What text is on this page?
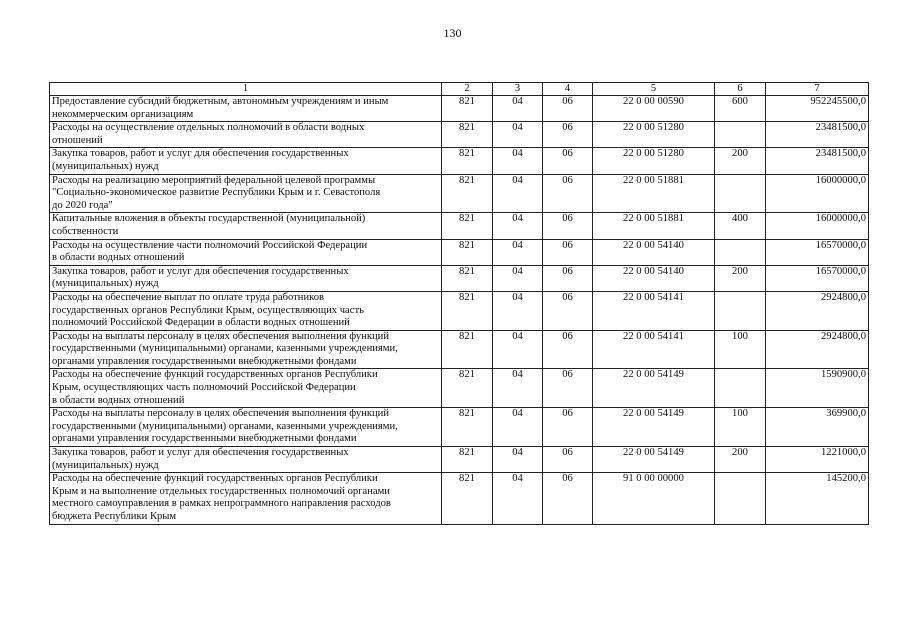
130
1	2	3	4	5	6	7
Предоставление субсидий бюджетным, автономным учреждениям и иным
некоммерческим организациям	821	04	06	22 0 00 00590	600	952245500,0
Расходы на осуществление отдельных полномочий в области водных
отношений	821	04	06	22 0 00 51280		23481500,0
Закупка товаров, работ и услуг для обеспечения государственных
(муниципальных) нужд	821	04	06	22 0 00 51280	200	23481500,0
Расходы на реализацию мероприятий федеральной целевой программы
"Социально-экономическое развитие Республики Крым и г. Севастополя
до 2020 года"	821	04	06	22 0 00 51881		16000000,0
Капитальные вложения в объекты государственной (муниципальной)
собственности	821	04	06	22 0 00 51881	400	16000000,0
Расходы на осуществление части полномочий Российской Федерации
в области водных отношений	821	04	06	22 0 00 54140		16570000,0
Закупка товаров, работ и услуг для обеспечения государственных
(муниципальных) нужд	821	04	06	22 0 00 54140	200	16570000,0
Расходы на обеспечение выплат по оплате труда работников
государственных органов Республики Крым, осуществляющих часть
полномочий Российской Федерации в области водных отношений	821	04	06	22 0 00 54141		2924800,0
Расходы на выплаты персоналу в целях обеспечения выполнения функций
государственными (муниципальными) органами, казенными учреждениями,
органами управления государственными внебюджетными фондами	821	04	06	22 0 00 54141	100	2924800,0
Расходы на обеспечение функций государственных органов Республики
Крым, осуществляющих часть полномочий Российской Федерации
в области водных отношений	821	04	06	22 0 00 54149		1590900,0
Расходы на выплаты персоналу в целях обеспечения выполнения функций
государственными (муниципальными) органами, казенными учреждениями,
органами управления государственными внебюджетными фондами	821	04	06	22 0 00 54149	100	369900,0
Закупка товаров, работ и услуг для обеспечения государственных
(муниципальных) нужд	821	04	06	22 0 00 54149	200	1221000,0
Расходы на обеспечение функций государственных органов Республики
Крым и на выполнение отдельных государственных полномочий органами
местного самоуправления в рамках непрограммного направления расходов
бюджета Республики Крым	821	04	06	91 0 00 00000		145200,0
